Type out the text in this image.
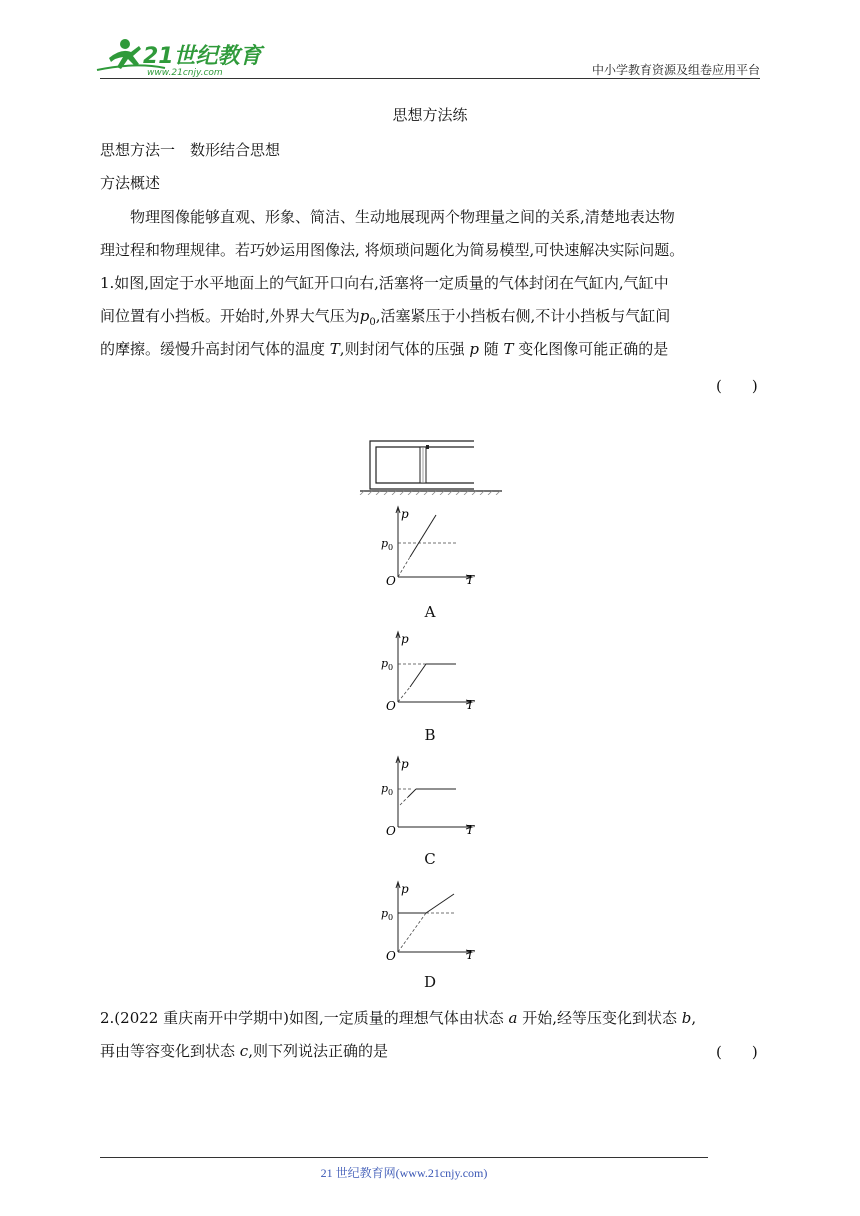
21世纪教育
www.21cnjy.com	中小学教育资源及组卷应用平台
思想方法练
思想方法一　数形结合思想
方法概述
物理图像能够直观、形象、简洁、生动地展现两个物理量之间的关系,清楚地表达物
理过程和物理规律。若巧妙运用图像法, 将烦琐问题化为简易模型,可快速解决实际问题。
1.如图,固定于水平地面上的气缸开口向右,活塞将一定质量的气体封闭在气缸内,气缸中
间位置有小挡板。开始时,外界大气压为$p_0$,活塞紧压于小挡板右侧,不计小挡板与气缸间
的摩擦。缓慢升高封闭气体的温度 T,则封闭气体的压强 p 随 T 变化图像可能正确的是
(　　)
p
T
O
p 0
A
p
T
O
p 0
B
p
T
O
p 0
C
p
T
O
p 0
D
2.(2022 重庆南开中学期中)如图,一定质量的理想气体由状态 a 开始,经等压变化到状态 b,
再由等容变化到状态 c,则下列说法正确的是	(　　)
21 世纪教育网(www.21cnjy.com)
